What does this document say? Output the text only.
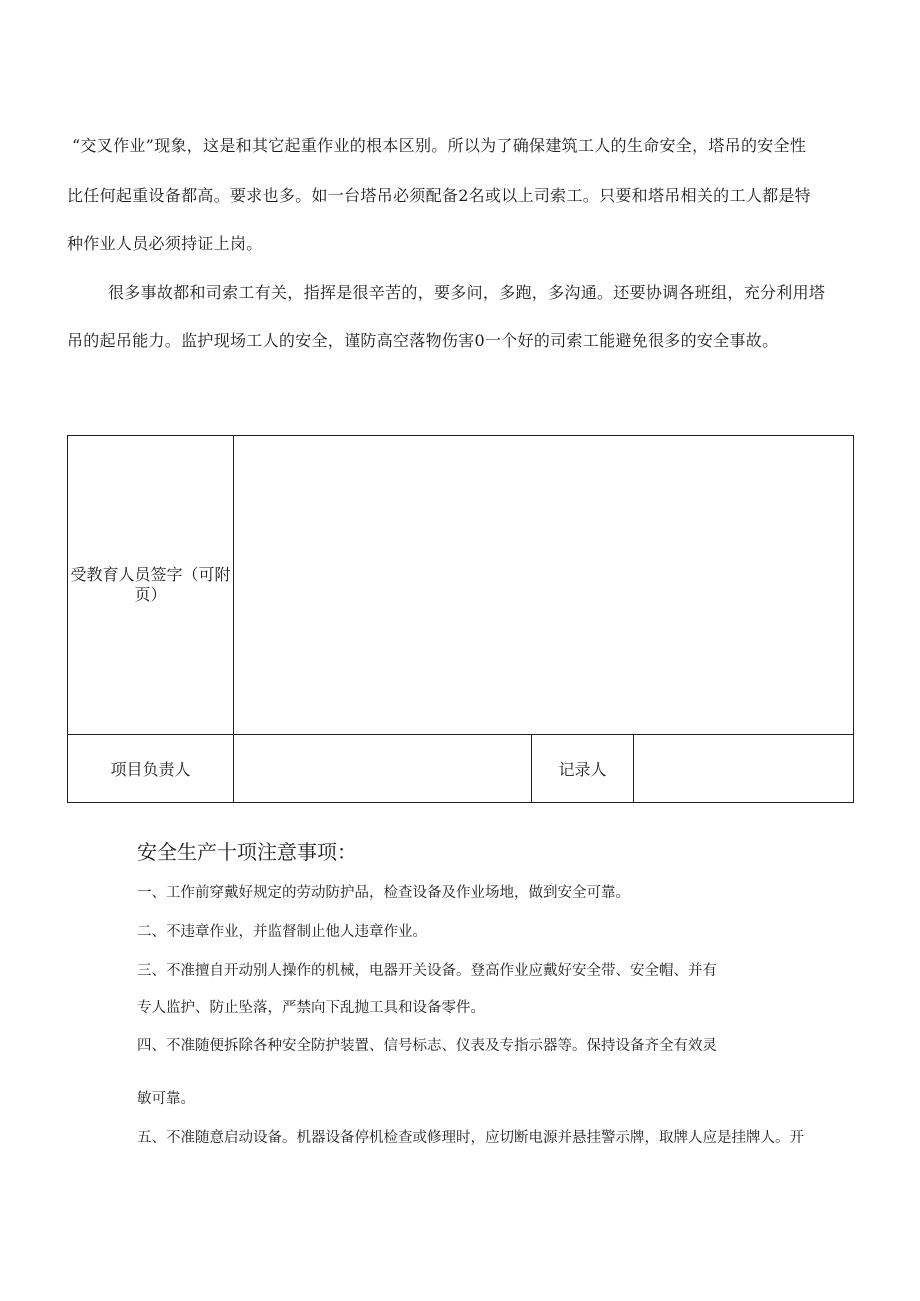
“交叉作业”现象，这是和其它起重作业的根本区别。所以为了确保建筑工人的生命安全，塔吊的安全性
比任何起重设备都高。要求也多。如一台塔吊必须配备2名或以上司索工。只要和塔吊相关的工人都是特
种作业人员必须持证上岗。
很多事故都和司索工有关，指挥是很辛苦的，要多问，多跑，多沟通。还要协调各班组，充分利用塔
吊的起吊能力。监护现场工人的安全，谨防高空落物伤害0一个好的司索工能避免很多的安全事故。
受教育人员签字（可附页）			

项目负责人		记录人	
安全生产十项注意事项：
一、工作前穿戴好规定的劳动防护品，检查设备及作业场地，做到安全可靠。
二、不违章作业，并监督制止他人违章作业。
三、不准擅自开动别人操作的机械，电器开关设备。登高作业应戴好安全带、安全帽、并有
专人监护、防止坠落，严禁向下乱抛工具和设备零件。
四、不准随便拆除各种安全防护装置、信号标志、仪表及专指示器等。保持设备齐全有效灵
敏可靠。
五、不准随意启动设备。机器设备停机检查或修理时，应切断电源并悬挂警示牌，取牌人应是挂牌人。开
